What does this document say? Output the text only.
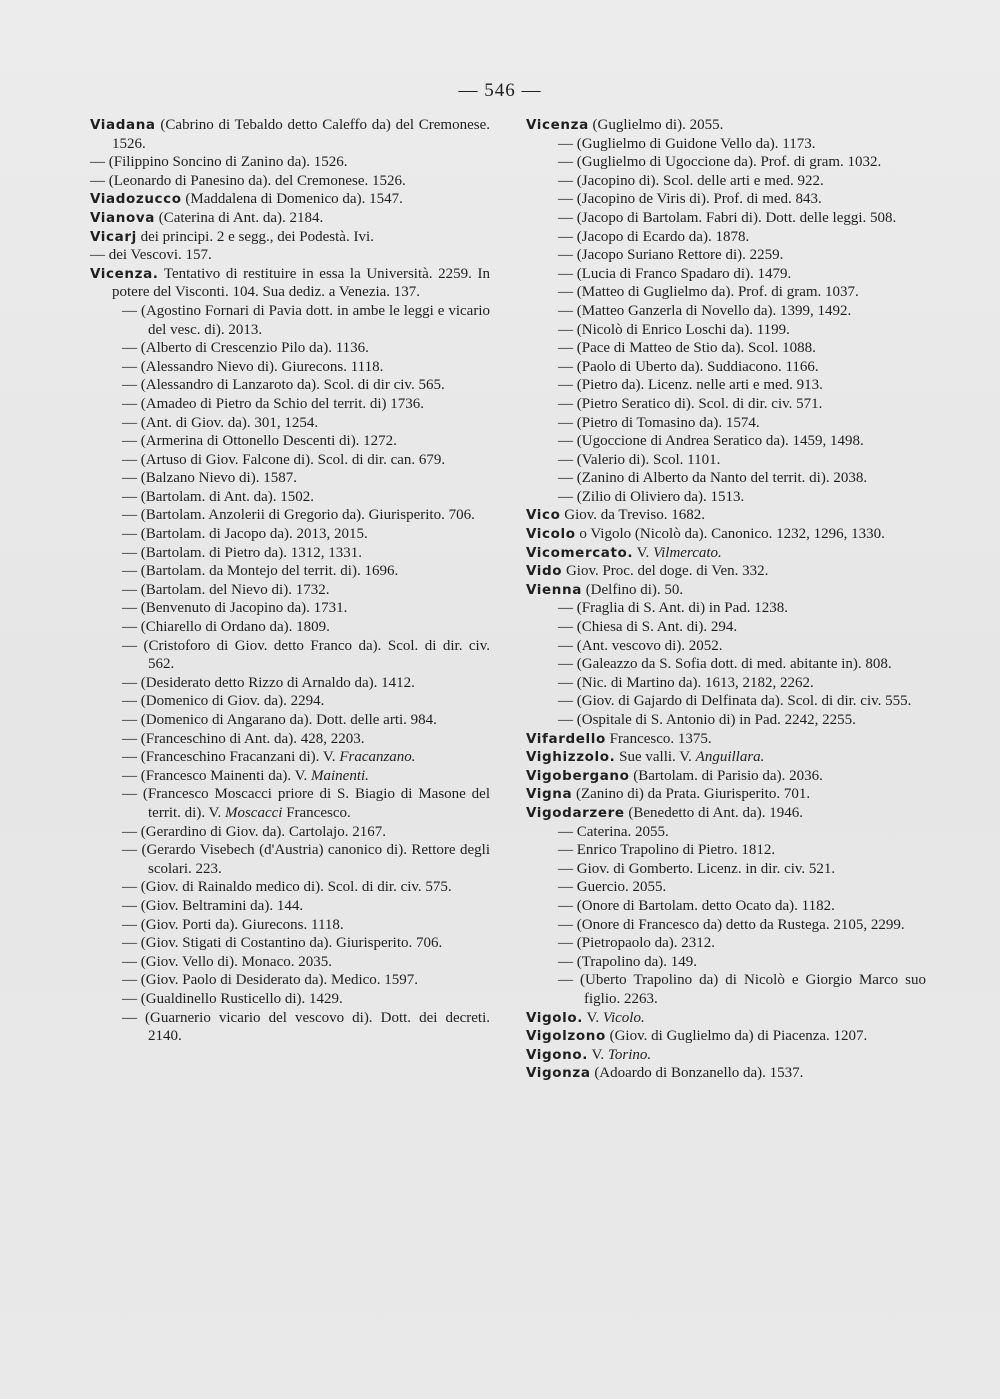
— 546 —

Viadana (Cabrino di Tebaldo detto Caleffo da) del Cremonese. 1526.

— (Filippino Soncino di Zanino da). 1526.

— (Leonardo di Panesino da). del Cremonese. 1526.

Viadozucco (Maddalena di Domenico da). 1547.

Vianova (Caterina di Ant. da). 2184.

Vicarj dei principi. 2 e segg., dei Podestà. Ivi.

— dei Vescovi. 157.

Vicenza. Tentativo di restituire in essa la Università. 2259. In potere del Visconti. 104. Sua dediz. a Venezia. 137.

— (Agostino Fornari di Pavia dott. in ambe le leggi e vicario del vesc. di). 2013.

— (Alberto di Crescenzio Pilo da). 1136.

— (Alessandro Nievo di). Giurecons. 1118.

— (Alessandro di Lanzaroto da). Scol. di dir civ. 565.

— (Amadeo di Pietro da Schio del territ. di) 1736.

— (Ant. di Giov. da). 301, 1254.

— (Armerina di Ottonello Descenti di). 1272.

— (Artuso di Giov. Falcone di). Scol. di dir. can. 679.

— (Balzano Nievo di). 1587.

— (Bartolam. di Ant. da). 1502.

— (Bartolam. Anzolerii di Gregorio da). Giurisperito. 706.

— (Bartolam. di Jacopo da). 2013, 2015.

— (Bartolam. di Pietro da). 1312, 1331.

— (Bartolam. da Montejo del territ. di). 1696.

— (Bartolam. del Nievo di). 1732.

— (Benvenuto di Jacopino da). 1731.

— (Chiarello di Ordano da). 1809.

— (Cristoforo di Giov. detto Franco da). Scol. di dir. civ. 562.

— (Desiderato detto Rizzo di Arnaldo da). 1412.

— (Domenico di Giov. da). 2294.

— (Domenico di Angarano da). Dott. delle arti. 984.

— (Franceschino di Ant. da). 428, 2203.

— (Franceschino Fracanzani di). V. Fracanzano.

— (Francesco Mainenti da). V. Mainenti.

— (Francesco Moscacci priore di S. Biagio di Masone del territ. di). V. Moscacci Francesco.

— (Gerardino di Giov. da). Cartolajo. 2167.

— (Gerardo Visebech (d'Austria) canonico di). Rettore degli scolari. 223.

— (Giov. di Rainaldo medico di). Scol. di dir. civ. 575.

— (Giov. Beltramini da). 144.

— (Giov. Porti da). Giurecons. 1118.

— (Giov. Stigati di Costantino da). Giurisperito. 706.

— (Giov. Vello di). Monaco. 2035.

— (Giov. Paolo di Desiderato da). Medico. 1597.

— (Gualdinello Rusticello di). 1429.

— (Guarnerio vicario del vescovo di). Dott. dei decreti. 2140.

Vicenza (Guglielmo di). 2055.

— (Guglielmo di Guidone Vello da). 1173.

— (Guglielmo di Ugoccione da). Prof. di gram. 1032.

— (Jacopino di). Scol. delle arti e med. 922.

— (Jacopino de Viris di). Prof. di med. 843.

— (Jacopo di Bartolam. Fabri di). Dott. delle leggi. 508.

— (Jacopo di Ecardo da). 1878.

— (Jacopo Suriano Rettore di). 2259.

— (Lucia di Franco Spadaro di). 1479.

— (Matteo di Guglielmo da). Prof. di gram. 1037.

— (Matteo Ganzerla di Novello da). 1399, 1492.

— (Nicolò di Enrico Loschi da). 1199.

— (Pace di Matteo de Stio da). Scol. 1088.

— (Paolo di Uberto da). Suddiacono. 1166.

— (Pietro da). Licenz. nelle arti e med. 913.

— (Pietro Seratico di). Scol. di dir. civ. 571.

— (Pietro di Tomasino da). 1574.

— (Ugoccione di Andrea Seratico da). 1459, 1498.

— (Valerio di). Scol. 1101.

— (Zanino di Alberto da Nanto del territ. di). 2038.

— (Zilio di Oliviero da). 1513.

Vico Giov. da Treviso. 1682.

Vicolo o Vigolo (Nicolò da). Canonico. 1232, 1296, 1330.

Vicomercato. V. Vilmercato.

Vido Giov. Proc. del doge. di Ven. 332.

Vienna (Delfino di). 50.

— (Fraglia di S. Ant. di) in Pad. 1238.

— (Chiesa di S. Ant. di). 294.

— (Ant. vescovo di). 2052.

— (Galeazzo da S. Sofia dott. di med. abitante in). 808.

— (Nic. di Martino da). 1613, 2182, 2262.

— (Giov. di Gajardo di Delfinata da). Scol. di dir. civ. 555.

— (Ospitale di S. Antonio di) in Pad. 2242, 2255.

Vifardello Francesco. 1375.

Vighizzolo. Sue valli. V. Anguillara.

Vigobergano (Bartolam. di Parisio da). 2036.

Vigna (Zanino di) da Prata. Giurisperito. 701.

Vigodarzere (Benedetto di Ant. da). 1946.

— Caterina. 2055.

— Enrico Trapolino di Pietro. 1812.

— Giov. di Gomberto. Licenz. in dir. civ. 521.

— Guercio. 2055.

— (Onore di Bartolam. detto Ocato da). 1182.

— (Onore di Francesco da) detto da Rustega. 2105, 2299.

— (Pietropaolo da). 2312.

— (Trapolino da). 149.

— (Uberto Trapolino da) di Nicolò e Giorgio Marco suo figlio. 2263.

Vigolo. V. Vicolo.

Vigolzono (Giov. di Guglielmo da) di Piacenza. 1207.

Vigono. V. Torino.

Vigonza (Adoardo di Bonzanello da). 1537.
